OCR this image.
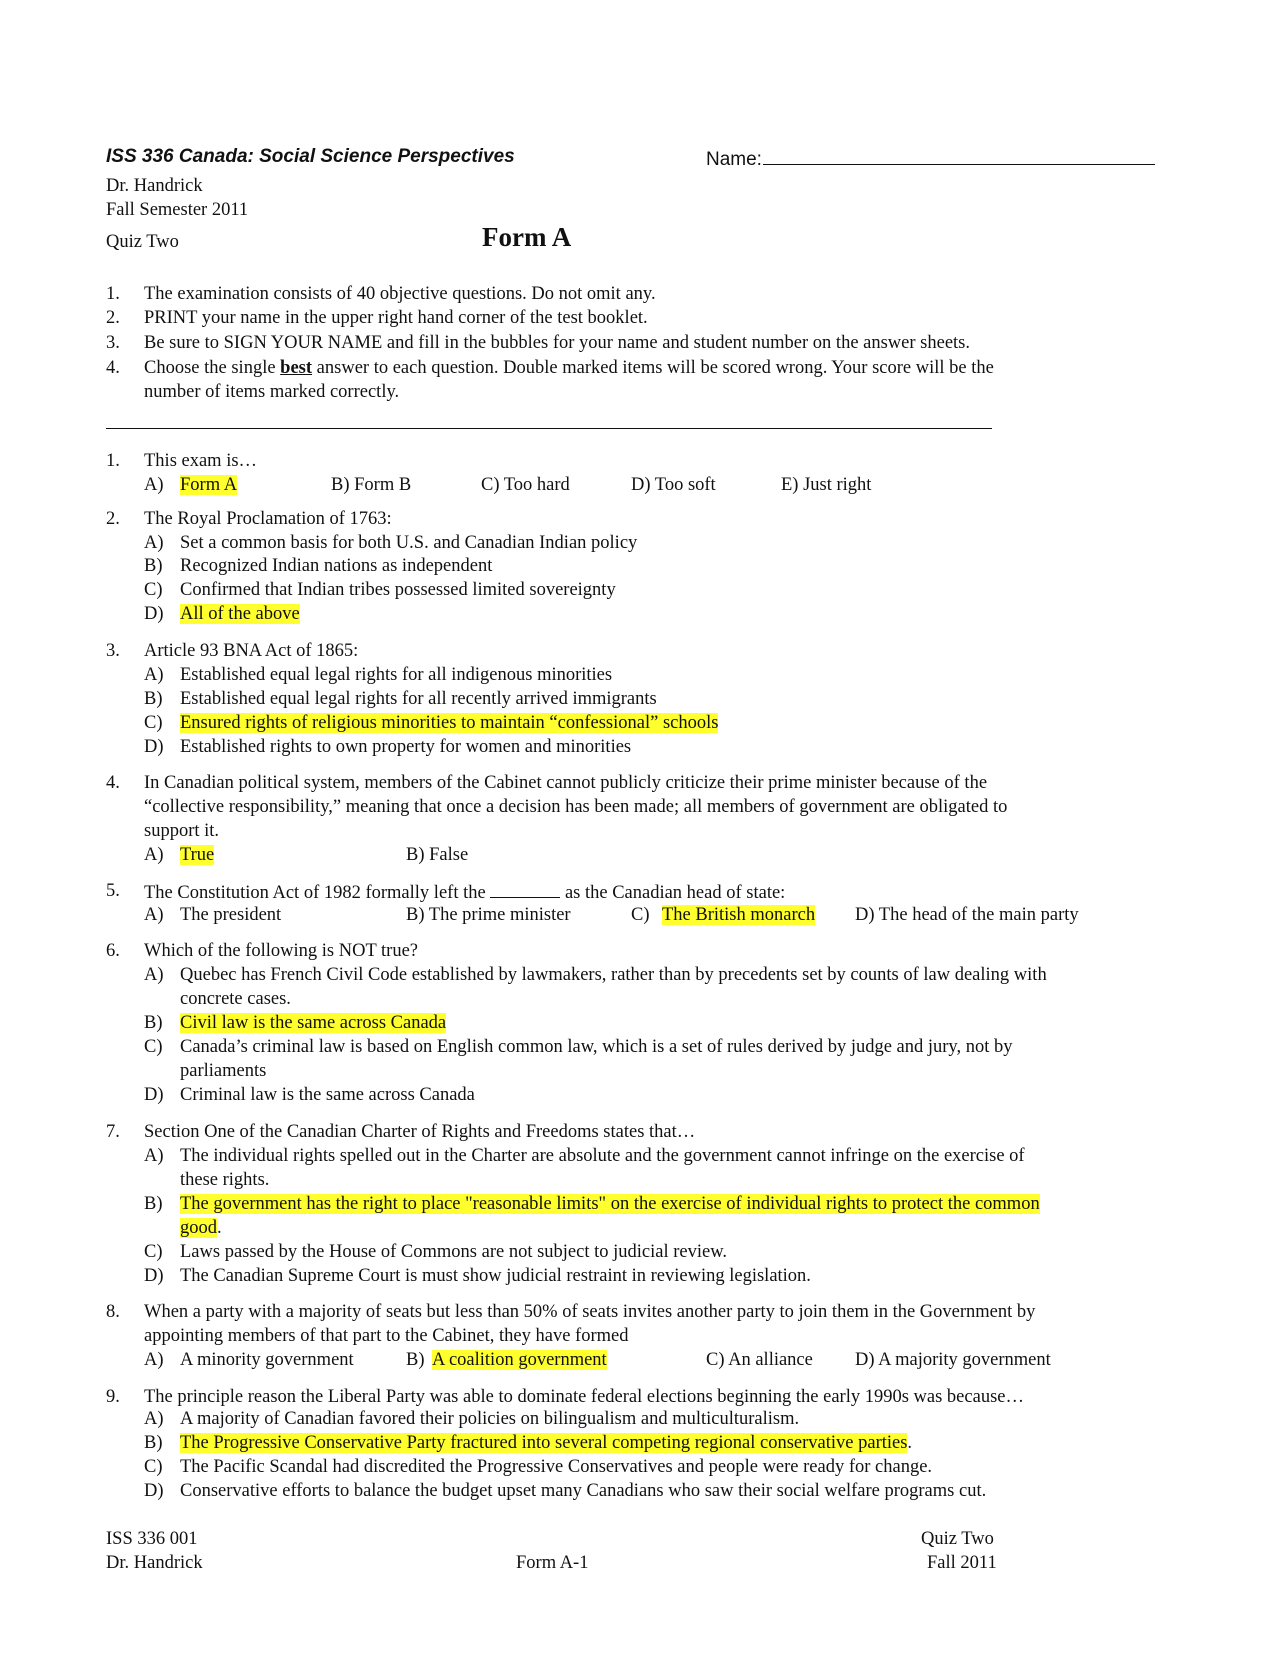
ISS 336 Canada: Social Science Perspectives	Name:
Dr. Handrick
Fall Semester 2011
Quiz Two	Form A
1. The examination consists of 40 objective questions. Do not omit any.
2. PRINT your name in the upper right hand corner of the test booklet.
3. Be sure to SIGN YOUR NAME and fill in the bubbles for your name and student number on the answer sheets.
4. Choose the single best answer to each question. Double marked items will be scored wrong. Your score will be the
number of items marked correctly.
1. This exam is…
A) Form A	B) Form B	C) Too hard	D) Too soft	E) Just right
2. The Royal Proclamation of 1763:
A) Set a common basis for both U.S. and Canadian Indian policy
B) Recognized Indian nations as independent
C) Confirmed that Indian tribes possessed limited sovereignty
D) All of the above
3. Article 93 BNA Act of 1865:
A) Established equal legal rights for all indigenous minorities
B) Established equal legal rights for all recently arrived immigrants
C) Ensured rights of religious minorities to maintain “confessional” schools
D) Established rights to own property for women and minorities
4. In Canadian political system, members of the Cabinet cannot publicly criticize their prime minister because of the
“collective responsibility,” meaning that once a decision has been made; all members of government are obligated to
support it.
A) True	B) False
5. The Constitution Act of 1982 formally left the	as the Canadian head of state:
A) The president	B) The prime minister	C) The British monarch D) The head of the main party
6. Which of the following is NOT true?
A) Quebec has French Civil Code established by lawmakers, rather than by precedents set by counts of law dealing with
concrete cases.
B) Civil law is the same across Canada
C) Canada’s criminal law is based on English common law, which is a set of rules derived by judge and jury, not by
parliaments
D) Criminal law is the same across Canada
7. Section One of the Canadian Charter of Rights and Freedoms states that…
A) The individual rights spelled out in the Charter are absolute and the government cannot infringe on the exercise of
these rights.
B) The government has the right to place "reasonable limits" on the exercise of individual rights to protect the common
good.
C) Laws passed by the House of Commons are not subject to judicial review.
D) The Canadian Supreme Court is must show judicial restraint in reviewing legislation.
8. When a party with a majority of seats but less than 50% of seats invites another party to join them in the Government by
appointing members of that part to the Cabinet, they have formed
A) A minority government	B) A coalition government	C) An alliance D) A majority government
9. The principle reason the Liberal Party was able to dominate federal elections beginning the early 1990s was because…
A) A majority of Canadian favored their policies on bilingualism and multiculturalism.
B) The Progressive Conservative Party fractured into several competing regional conservative parties.
C) The Pacific Scandal had discredited the Progressive Conservatives and people were ready for change.
D) Conservative efforts to balance the budget upset many Canadians who saw their social welfare programs cut.
ISS 336 001
Dr. Handrick	Form A-1
Quiz Two
Fall 2011
